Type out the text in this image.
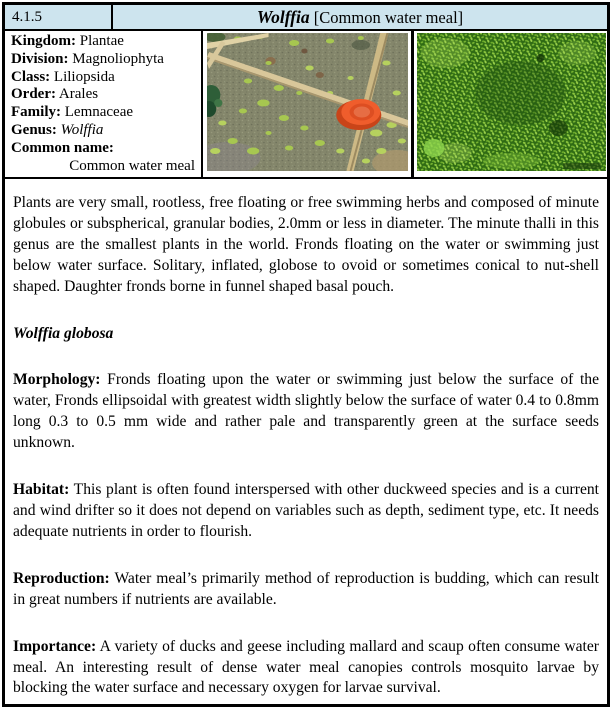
4.1.5	Wolffia [Common water meal]
Kingdom: Plantae
Division: Magnoliophyta
Class: Liliopsida
Order: Arales
Family: Lemnaceae
Genus: Wolffia
Common name:
Common water meal

Plants are very small, rootless, free floating or free swimming herbs and composed of minute globules or subspherical, granular bodies, 2.0mm or less in diameter. The minute thalli in this genus are the smallest plants in the world. Fronds floating on the water or swimming just below water surface. Solitary, inflated, globose to ovoid or sometimes conical to nut-shell shaped. Daughter fronds borne in funnel shaped basal pouch.

Wolffia globosa

Morphology: Fronds floating upon the water or swimming just below the surface of the water, Fronds ellipsoidal with greatest width slightly below the surface of water 0.4 to 0.8mm long 0.3 to 0.5 mm wide and rather pale and transparently green at the surface seeds unknown.

Habitat: This plant is often found interspersed with other duckweed species and is a current and wind drifter so it does not depend on variables such as depth, sediment type, etc. It needs adequate nutrients in order to flourish.

Reproduction: Water meal’s primarily method of reproduction is budding, which can result in great numbers if nutrients are available.

Importance: A variety of ducks and geese including mallard and scaup often consume water meal. An interesting result of dense water meal canopies controls mosquito larvae by blocking the water surface and necessary oxygen for larvae survival.
